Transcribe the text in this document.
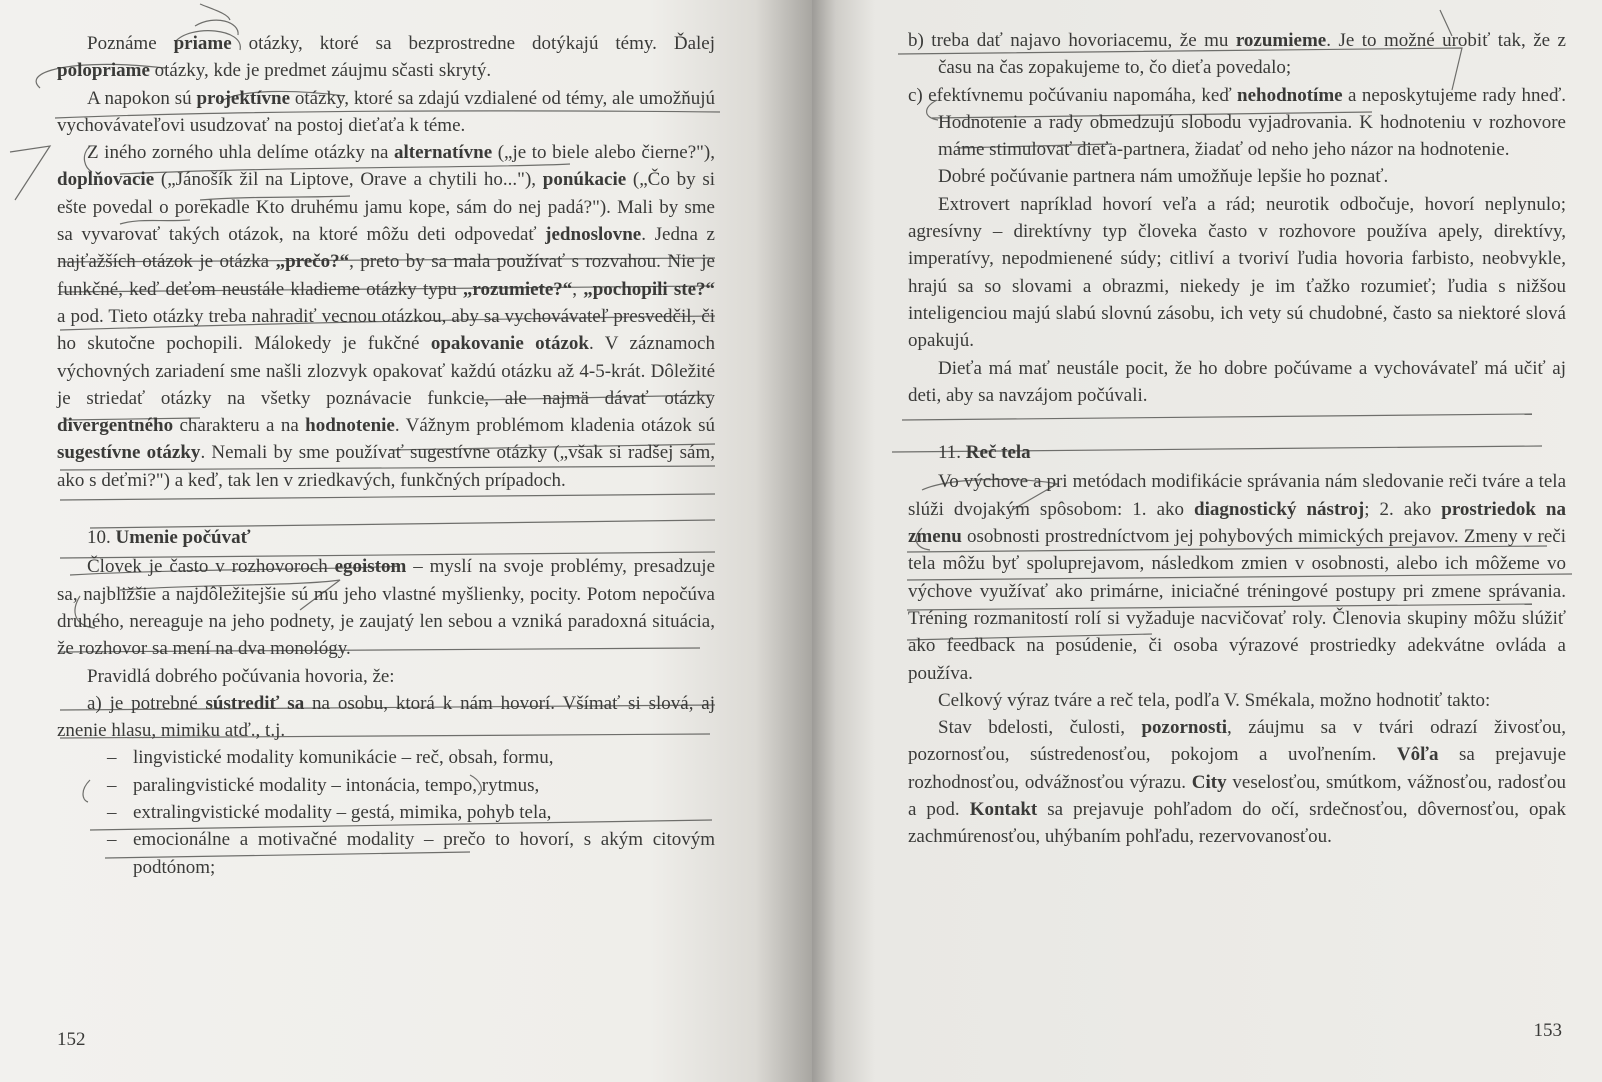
Poznáme priame otázky, ktoré sa bezprostredne dotýkajú témy. Ďalej polopriame otázky, kde je predmet záujmu sčasti skrytý.

A napokon sú projektívne otázky, ktoré sa zdajú vzdialené od témy, ale umožňujú vychovávateľovi usudzovať na postoj dieťaťa k téme.

Z iného zorného uhla delíme otázky na alternatívne („je to biele alebo čierne?"), doplňovacie („Jánošík žil na Liptove, Orave a chytili ho..."), ponúkacie („Čo by si ešte povedal o porekadle Kto druhému jamu kope, sám do nej padá?"). Mali by sme sa vyvarovať takých otázok, na ktoré môžu deti odpovedať jednoslovne. Jedna z najťažších otázok je otázka „prečo?“, preto by sa mala používať s rozvahou. Nie je funkčné, keď deťom neustále kladieme otázky typu „rozumiete?“, „pochopili ste?“ a pod. Tieto otázky treba nahradiť vecnou otázkou, aby sa vychovávateľ presvedčil, či ho skutočne pochopili. Málokedy je fukčné opakovanie otázok. V záznamoch výchovných zariadení sme našli zlozvyk opakovať každú otázku až 4-5-krát. Dôležité je striedať otázky na všetky poznávacie funkcie, ale najmä dávať otázky divergentného charakteru a na hodnotenie. Vážnym problémom kladenia otázok sú sugestívne otázky. Nemali by sme používať sugestívne otázky („však si radšej sám, ako s deťmi?") a keď, tak len v zriedkavých, funkčných prípadoch.

10. Umenie počúvať

Človek je často v rozhovoroch egoistom – myslí na svoje problémy, presadzuje sa, najbližšie a najdôležitejšie sú mu jeho vlastné myšlienky, pocity. Potom nepočúva druhého, nereaguje na jeho podnety, je zaujatý len sebou a vzniká paradoxná situácia, že rozhovor sa mení na dva monológy.

Pravidlá dobrého počúvania hovoria, že:

a) je potrebné sústrediť sa na osobu, ktorá k nám hovorí. Všímať si slová, aj znenie hlasu, mimiku atď., t.j.

– lingvistické modality komunikácie – reč, obsah, formu,
– paralingvistické modality – intonácia, tempo, rytmus,
– extralingvistické modality – gestá, mimika, pohyb tela,
– emocionálne a motivačné modality – prečo to hovorí, s akým citovým podtónom;
152

b) treba dať najavo hovoriacemu, že mu rozumieme. Je to možné urobiť tak, že z času na čas zopakujeme to, čo dieťa povedalo;

c) efektívnemu počúvaniu napomáha, keď nehodnotíme a neposkytujeme rady hneď. Hodnotenie a rady obmedzujú slobodu vyjadrovania. K hodnoteniu v rozhovore máme stimulovať dieťa-partnera, žiadať od neho jeho názor na hodnotenie.

Dobré počúvanie partnera nám umožňuje lepšie ho poznať.

Extrovert napríklad hovorí veľa a rád; neurotik odbočuje, hovorí neplynulo; agresívny – direktívny typ človeka často v rozhovore používa apely, direktívy, imperatívy, nepodmienené súdy; citliví a tvoriví ľudia hovoria farbisto, neobvykle, hrajú sa so slovami a obrazmi, niekedy je im ťažko rozumieť; ľudia s nižšou inteligenciou majú slabú slovnú zásobu, ich vety sú chudobné, často sa niektoré slová opakujú.

Dieťa má mať neustále pocit, že ho dobre počúvame a vychovávateľ má učiť aj deti, aby sa navzájom počúvali.

11. Reč tela

Vo výchove a pri metódach modifikácie správania nám sledovanie reči tváre a tela slúži dvojakým spôsobom: 1. ako diagnostický nástroj; 2. ako prostriedok na zmenu osobnosti prostredníctvom jej pohybových mimických prejavov. Zmeny v reči tela môžu byť spoluprejavom, následkom zmien v osobnosti, alebo ich môžeme vo výchove využívať ako primárne, iniciačné tréningové postupy pri zmene správania. Tréning rozmanitostí rolí si vyžaduje nacvičovať roly. Členovia skupiny môžu slúžiť ako feedback na posúdenie, či osoba výrazové prostriedky adekvátne ovláda a používa.

Celkový výraz tváre a reč tela, podľa V. Smékala, možno hodnotiť takto:

Stav bdelosti, čulosti, pozornosti, záujmu sa v tvári odrazí živosťou, pozornosťou, sústredenosťou, pokojom a uvoľnením. Vôľa sa prejavuje rozhodnosťou, odvážnosťou výrazu. City veselosťou, smútkom, vážnosťou, radosťou a pod. Kontakt sa prejavuje pohľadom do očí, srdečnosťou, dôvernosťou, opak zachmúrenosťou, uhýbaním pohľadu, rezervovanosťou.

153
